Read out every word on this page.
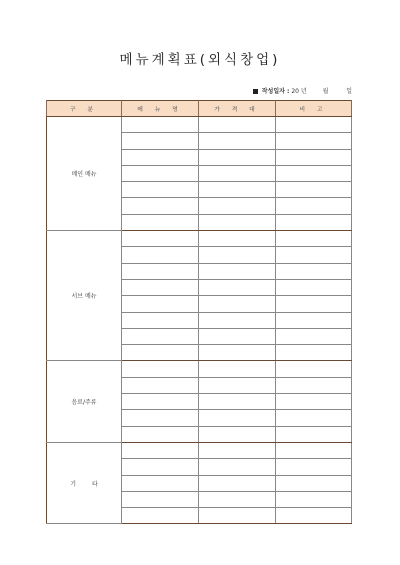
메뉴계획표(외식창업)
작성일자 : 20 년	월	일
구 분	메 뉴 명	가 격 대	비 고
메인 메뉴			

서브 메뉴			

음료/주류			

기타			
